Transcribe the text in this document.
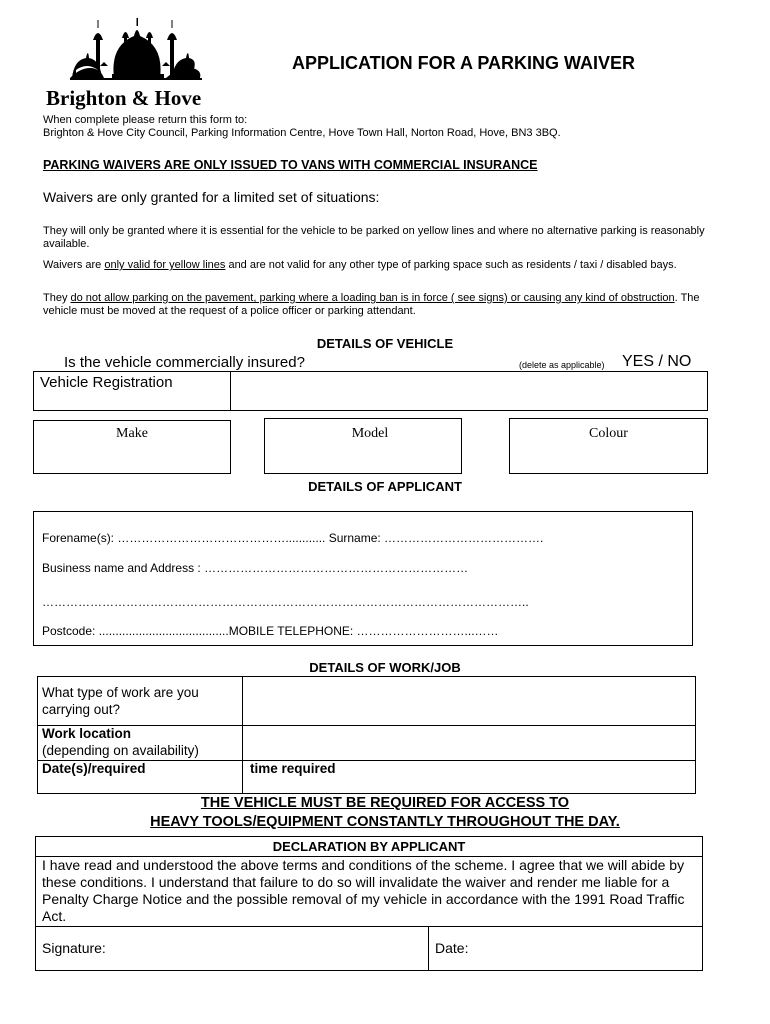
Brighton & Hove
APPLICATION FOR A PARKING WAIVER
When complete please return this form to:
Brighton & Hove City Council, Parking Information Centre, Hove Town Hall, Norton Road, Hove, BN3 3BQ.
PARKING WAIVERS ARE ONLY ISSUED TO VANS WITH COMMERCIAL INSURANCE
Waivers are only granted for a limited set of situations:
They will only be granted where it is essential for the vehicle to be parked on yellow lines and where no alternative parking is reasonably available.
Waivers are only valid for yellow lines and are not valid for any other type of parking space such as residents / taxi / disabled bays.
They do not allow parking on the pavement, parking where a loading ban is in force ( see signs) or causing any kind of obstruction. The vehicle must be moved at the request of a police officer or parking attendant.
DETAILS OF VEHICLE
Is the vehicle commercially insured?	(delete as applicable) YES / NO
Vehicle Registration
Make	Model	Colour
DETAILS OF APPLICANT
Forename(s): ……………………………………............ Surname: ………………………………….
Business name and Address : …………………………………………………………
…………………………………………………………………………………………………………..
Postcode: .......................................MOBILE TELEPHONE: ………………………...……
DETAILS OF WORK/JOB
What type of work are you carrying out?
Work location
(depending on availability)
Date(s)/required	time required
THE VEHICLE MUST BE REQUIRED FOR ACCESS TO
HEAVY TOOLS/EQUIPMENT CONSTANTLY THROUGHOUT THE DAY.
DECLARATION BY APPLICANT
I have read and understood the above terms and conditions of the scheme. I agree that we will abide by these conditions. I understand that failure to do so will invalidate the waiver and render me liable for a Penalty Charge Notice and the possible removal of my vehicle in accordance with the 1991 Road Traffic Act.
Signature:	Date:
